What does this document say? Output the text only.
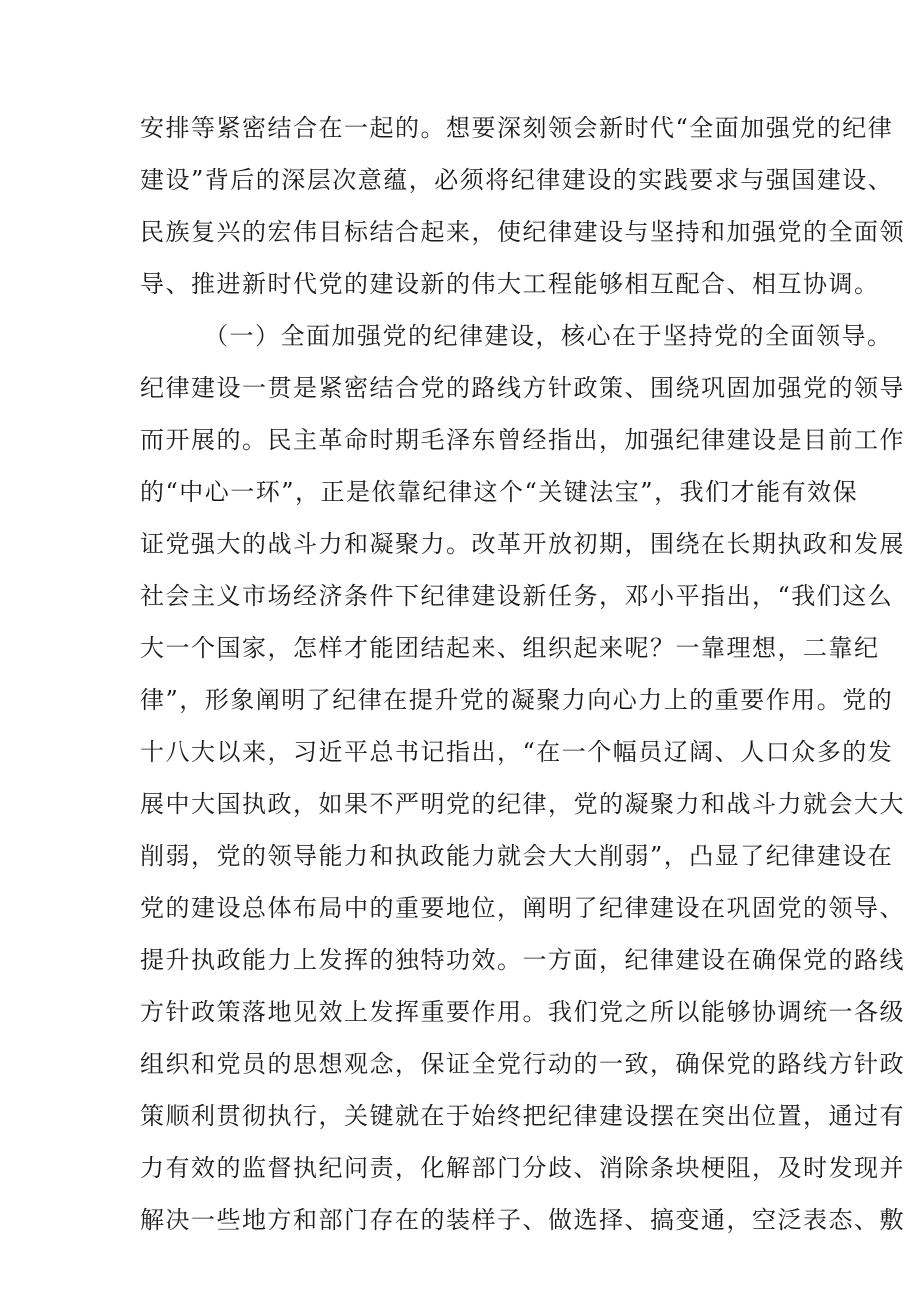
安排等紧密结合在一起的。想要深刻领会新时代“全面加强党的纪律
建设”背后的深层次意蕴，必须将纪律建设的实践要求与强国建设、
民族复兴的宏伟目标结合起来，使纪律建设与坚持和加强党的全面领
导、推进新时代党的建设新的伟大工程能够相互配合、相互协调。
（一）全面加强党的纪律建设，核心在于坚持党的全面领导。
纪律建设一贯是紧密结合党的路线方针政策、围绕巩固加强党的领导
而开展的。民主革命时期毛泽东曾经指出，加强纪律建设是目前工作
的“中心一环”，正是依靠纪律这个“关键法宝”，我们才能有效保
证党强大的战斗力和凝聚力。改革开放初期，围绕在长期执政和发展
社会主义市场经济条件下纪律建设新任务，邓小平指出，“我们这么
大一个国家，怎样才能团结起来、组织起来呢？一靠理想，二靠纪
律”，形象阐明了纪律在提升党的凝聚力向心力上的重要作用。党的
十八大以来，习近平总书记指出，“在一个幅员辽阔、人口众多的发
展中大国执政，如果不严明党的纪律，党的凝聚力和战斗力就会大大
削弱，党的领导能力和执政能力就会大大削弱”，凸显了纪律建设在
党的建设总体布局中的重要地位，阐明了纪律建设在巩固党的领导、
提升执政能力上发挥的独特功效。一方面，纪律建设在确保党的路线
方针政策落地见效上发挥重要作用。我们党之所以能够协调统一各级
组织和党员的思想观念，保证全党行动的一致，确保党的路线方针政
策顺利贯彻执行，关键就在于始终把纪律建设摆在突出位置，通过有
力有效的监督执纪问责，化解部门分歧、消除条块梗阻，及时发现并
解决一些地方和部门存在的装样子、做选择、搞变通，空泛表态、敷
